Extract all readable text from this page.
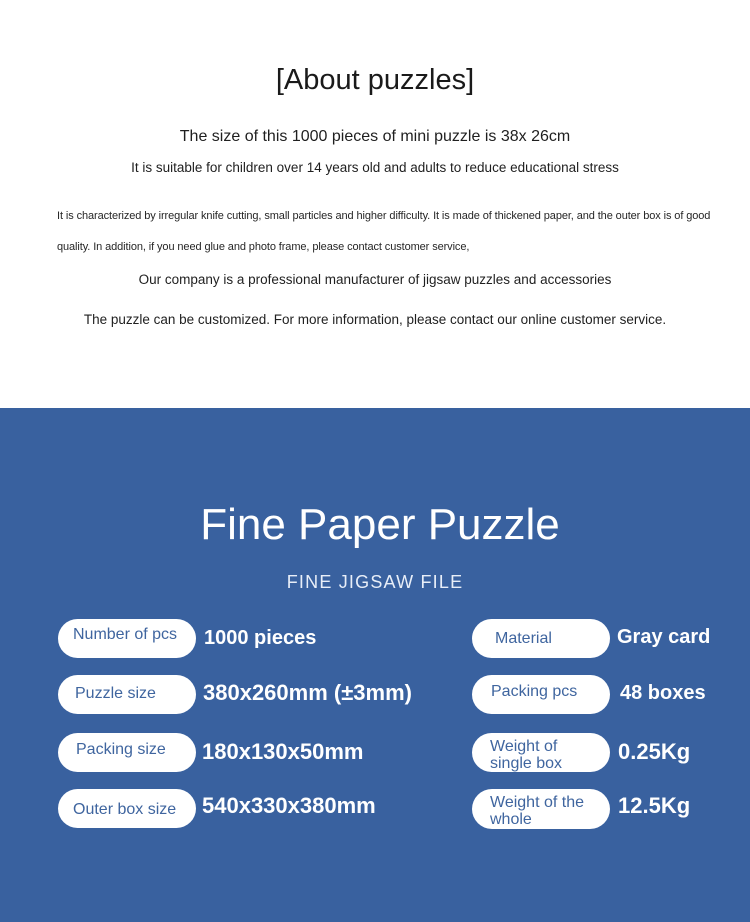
[About puzzles]
The size of this 1000 pieces of mini puzzle is 38x 26cm
It is suitable for children over 14 years old and adults to reduce educational stress
It is characterized by irregular knife cutting, small particles and higher difficulty. It is made of thickened paper, and the outer box is of good quality. In addition, if you need glue and photo frame, please contact customer service,
Our company is a professional manufacturer of jigsaw puzzles and accessories
The puzzle can be customized. For more information, please contact our online customer service.
Fine Paper Puzzle
FINE JIGSAW FILE
Number of pcs 1000 pieces
Puzzle size 380x260mm (±3mm)
Packing size 180x130x50mm
Outer box size 540x330x380mm
Material	Gray card
Packing pcs 48 boxes
Weight of single box	0.25Kg
Weight of the whole
12.5Kg
